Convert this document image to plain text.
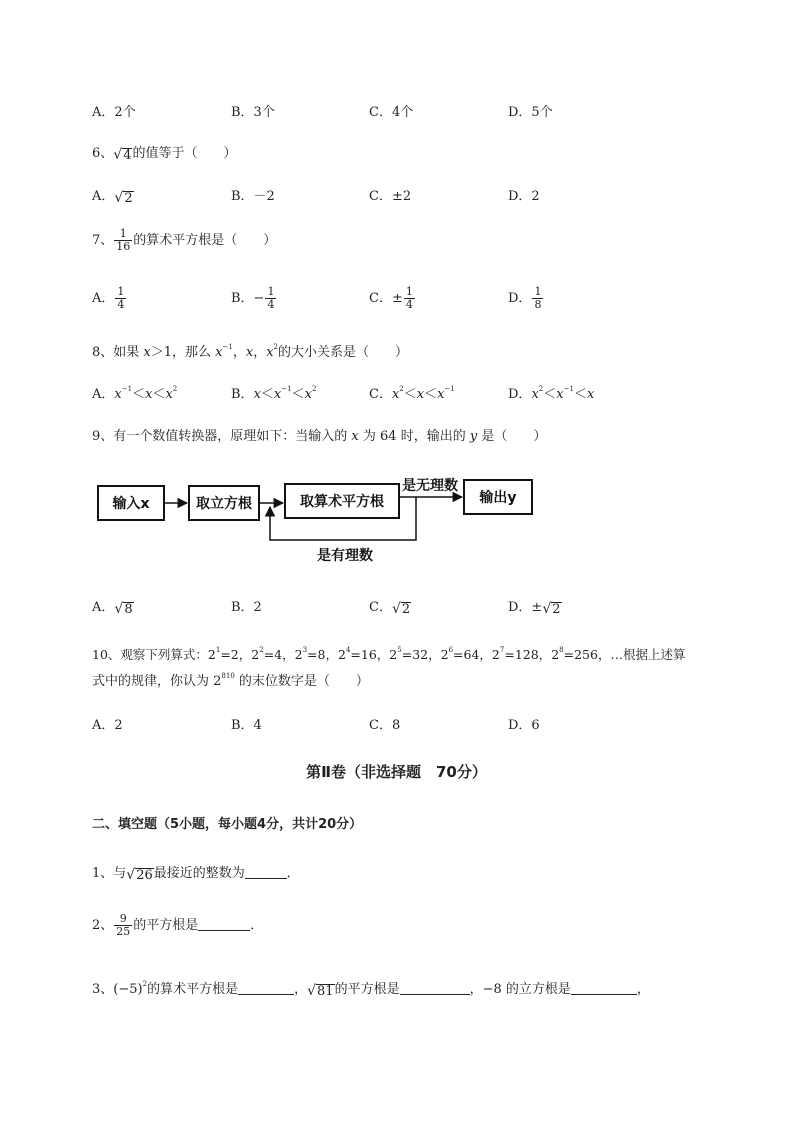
A．2个	B．3个	C．4个	D．5个
6、 √ 4 的值等于（　　）
A． √ 2	B．－2	C．±2	D．2
7、 $\frac{1}{16}$ 的算术平方根是（　　）
A． $\frac{1}{4}$	B．− $\frac{1}{4}$	C．± $\frac{1}{4}$	D． $\frac{1}{8}$
8、如果 x＞1，那么 $x^{-1}$，x，$x^2$的大小关系是（　　）
A．$x^{-1}<x<x^2$	B．$x<x^{-1}<x^2$	C．$x^2<x<x^{-1}$	D．$x^2<x^{-1}<x$
9、有一个数值转换器，原理如下：当输入的 x 为 64 时，输出的 y 是（　　）
输入x	取立方根	取算术平方根
是无理数
输出y
是有理数
A． √ 8	B．2	C． √ 2	D．± √ 2
10、观察下列算式：$2^1=2$，$2^2=4$，$2^3=8$，$2^4=16$，$2^5=32$，$2^6=64$，$2^7=128$，$2^8=256$，…根据上述算
式中的规律，你认为 $2^{810}$ 的末位数字是（　　）
A．2	B．4	C．8	D．6
第Ⅱ卷（非选择题　70分）
二、填空题（5小题，每小题4分，共计20分）
1、与 √ 26 最接近的整数为	．
2、 $\frac{9}{25}$ 的平方根是	．
3、$(-5)^2$的算术平方根是	， √ 81 的平方根是	，−8 的立方根是	，
